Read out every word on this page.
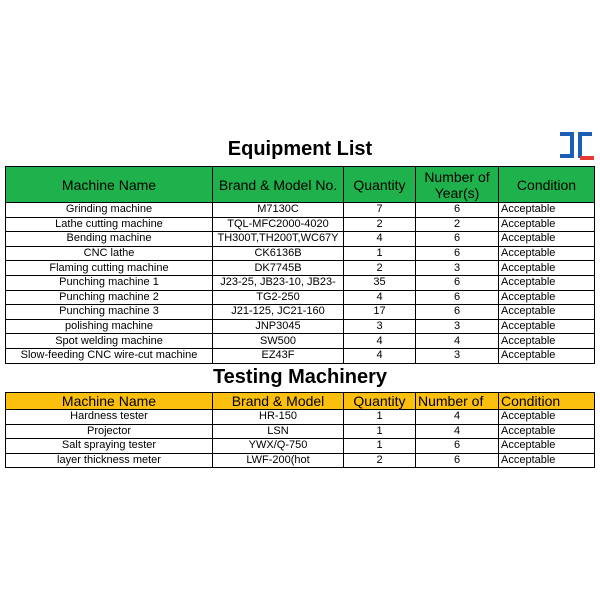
Equipment List
Machine Name	Brand & Model No.	Quantity	Number of Year(s)	Condition
Grinding machine	M7130C	7	6	Acceptable
Lathe cutting machine	TQL-MFC2000-4020	2	2	Acceptable
Bending machine	TH300T,TH200T,WC67Y	4	6	Acceptable
CNC lathe	CK6136B	1	6	Acceptable
Flaming cutting machine	DK7745B	2	3	Acceptable
Punching machine 1	J23-25, JB23-10, JB23-	35	6	Acceptable
Punching machine 2	TG2-250	4	6	Acceptable
Punching machine 3	J21-125, JC21-160	17	6	Acceptable
polishing machine	JNP3045	3	3	Acceptable
Spot welding machine	SW500	4	4	Acceptable
Slow-feeding CNC wire-cut machine	EZ43F	4	3	Acceptable
Testing Machinery
Machine Name	Brand & Model	Quantity	Number of	Condition
Hardness tester	HR-150	1	4	Acceptable
Projector	LSN	1	4	Acceptable
Salt spraying tester	YWX/Q-750	1	6	Acceptable
layer thickness meter	LWF-200(hot	2	6	Acceptable
